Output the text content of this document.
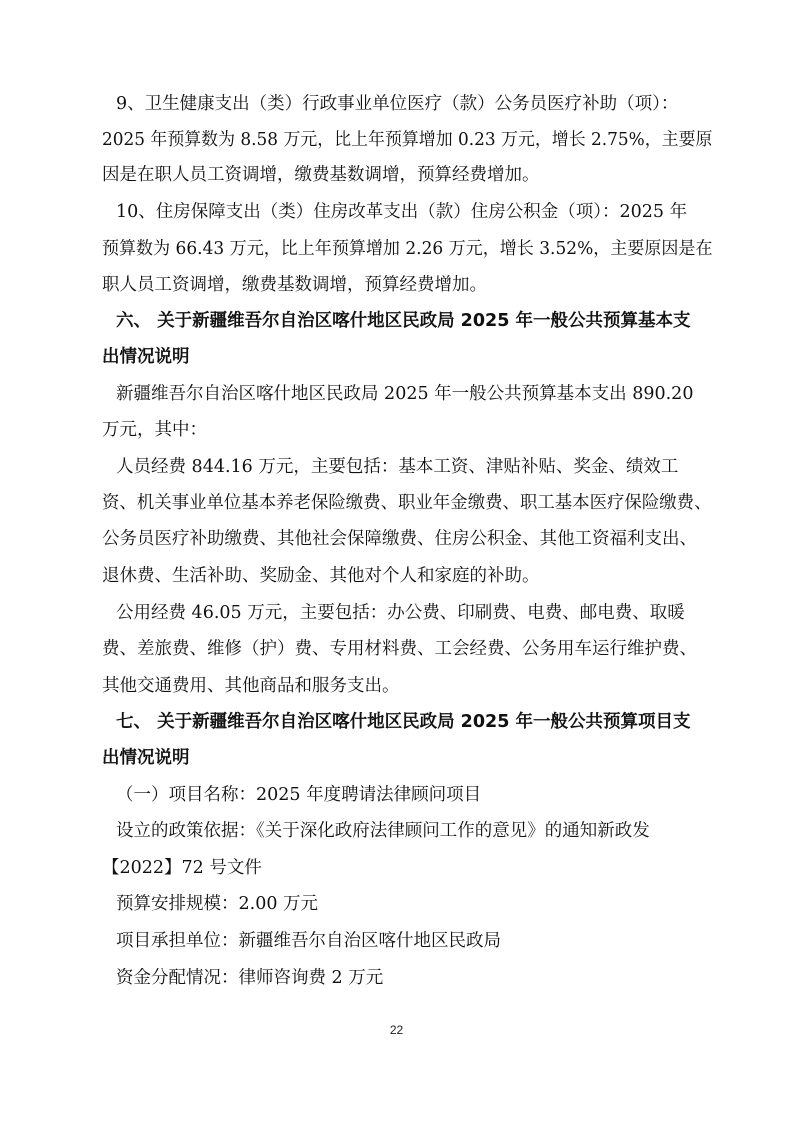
9、卫生健康支出（类）行政事业单位医疗（款）公务员医疗补助（项）：
2025 年预算数为 8.58 万元，比上年预算增加 0.23 万元，增长 2.75%，主要原
因是在职人员工资调增，缴费基数调增，预算经费增加。
10、住房保障支出（类）住房改革支出（款）住房公积金（项）：2025 年
预算数为 66.43 万元，比上年预算增加 2.26 万元，增长 3.52%，主要原因是在
职人员工资调增，缴费基数调增，预算经费增加。
六、 关于新疆维吾尔自治区喀什地区民政局 2025 年一般公共预算基本支
出情况说明
新疆维吾尔自治区喀什地区民政局 2025 年一般公共预算基本支出 890.20
万元，其中：
人员经费 844.16 万元，主要包括：基本工资、津贴补贴、奖金、绩效工
资、机关事业单位基本养老保险缴费、职业年金缴费、职工基本医疗保险缴费、
公务员医疗补助缴费、其他社会保障缴费、住房公积金、其他工资福利支出、
退休费、生活补助、奖励金、其他对个人和家庭的补助。
公用经费 46.05 万元，主要包括：办公费、印刷费、电费、邮电费、取暖
费、差旅费、维修（护）费、专用材料费、工会经费、公务用车运行维护费、
其他交通费用、其他商品和服务支出。
七、 关于新疆维吾尔自治区喀什地区民政局 2025 年一般公共预算项目支
出情况说明
（一）项目名称：2025 年度聘请法律顾问项目
设立的政策依据：《关于深化政府法律顾问工作的意见》的通知新政发
【2022】72 号文件
预算安排规模：2.00 万元
项目承担单位：新疆维吾尔自治区喀什地区民政局
资金分配情况：律师咨询费 2 万元
22
